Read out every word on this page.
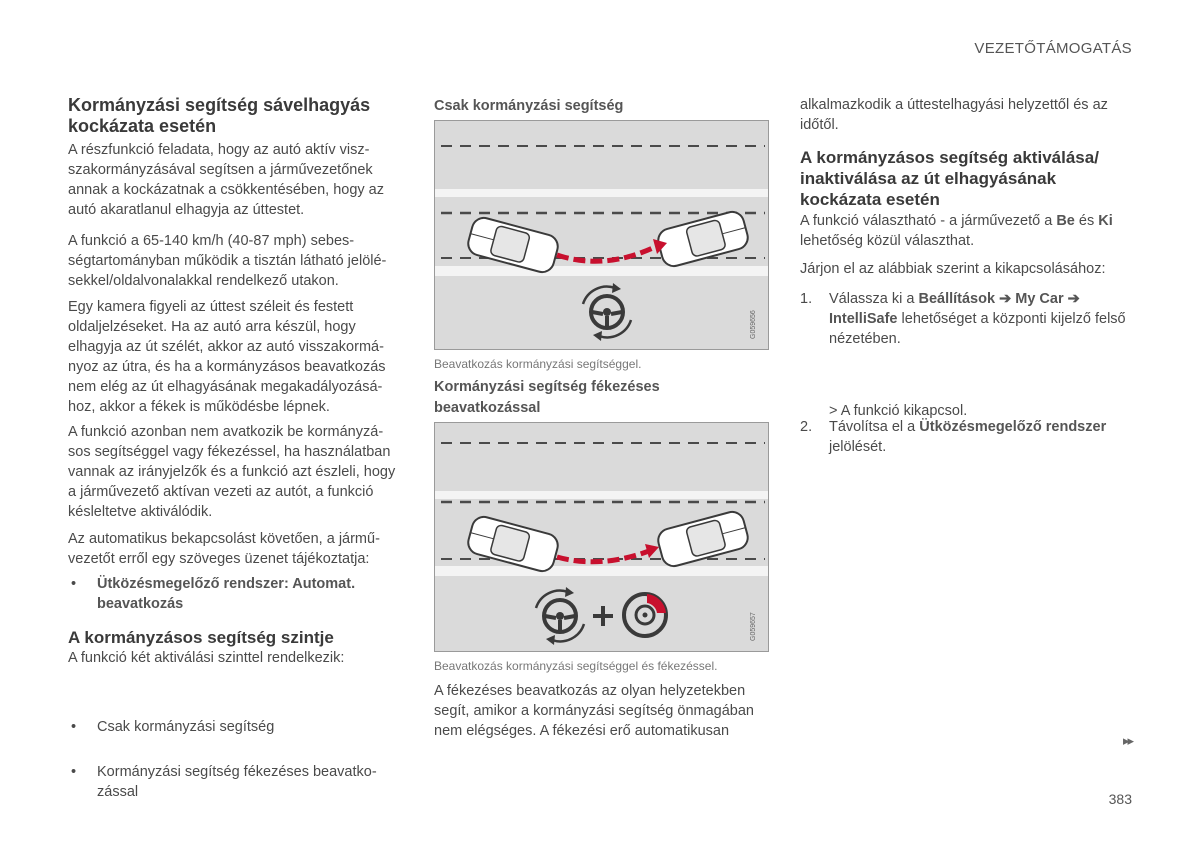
VEZETŐTÁMOGATÁS
Kormányzási segítség sávelhagyás kockázata esetén

A részfunkció feladata, hogy az autó aktív visz-szakormányzásával segítsen a járművezetőnek annak a kockázatnak a csökkentésében, hogy az autó akaratlanul elhagyja az úttestet.

A funkció a 65-140 km/h (40-87 mph) sebes-ségtartományban működik a tisztán látható jelölé-sekkel/oldalvonalakkal rendelkező utakon.

Egy kamera figyeli az úttest széleit és festett oldaljelzéseket. Ha az autó arra készül, hogy elhagyja az út szélét, akkor az autó visszakormá-nyoz az útra, és ha a kormányzásos beavatkozás nem elég az út elhagyásának megakadályozásá-hoz, akkor a fékek is működésbe lépnek.

A funkció azonban nem avatkozik be kormányzá-sos segítséggel vagy fékezéssel, ha használatban vannak az irányjelzők és a funkció azt észleli, hogy a járművezető aktívan vezeti az autót, a funkció késleltetve aktiválódik.

Az automatikus bekapcsolást követően, a jármű-vezetőt erről egy szöveges üzenet tájékoztatja:

• Ütközésmegelőző rendszer: Automat. beavatkozás

A kormányzásos segítség szintje

A funkció két aktiválási szinttel rendelkezik:

• Csak kormányzási segítség

• Kormányzási segítség fékezéses beavatko-zással

Csak kormányzási segítség
G059656
Beavatkozás kormányzási segítséggel.
Kormányzási segítség fékezéses beavatkozással
G059657
Beavatkozás kormányzási segítséggel és fékezéssel.

A fékezéses beavatkozás az olyan helyzetekben segít, amikor a kormányzási segítség önmagában nem elégséges. A fékezési erő automatikusan

alkalmazkodik a úttestelhagyási helyzettől és az időtől.

A kormányzásos segítség aktiválása/ inaktiválása az út elhagyásának kockázata esetén

A funkció választható - a járművezető a Be és Ki lehetőség közül választhat.

Járjon el az alábbiak szerint a kikapcsolásához:

1. Válassza ki a Beállítások ➔ My Car ➔ IntelliSafe lehetőséget a központi kijelző felső nézetében.

2. Távolítsa el a Ütközésmegelőző rendszer jelölését.

> A funkció kikapcsol.

▸▸
383
